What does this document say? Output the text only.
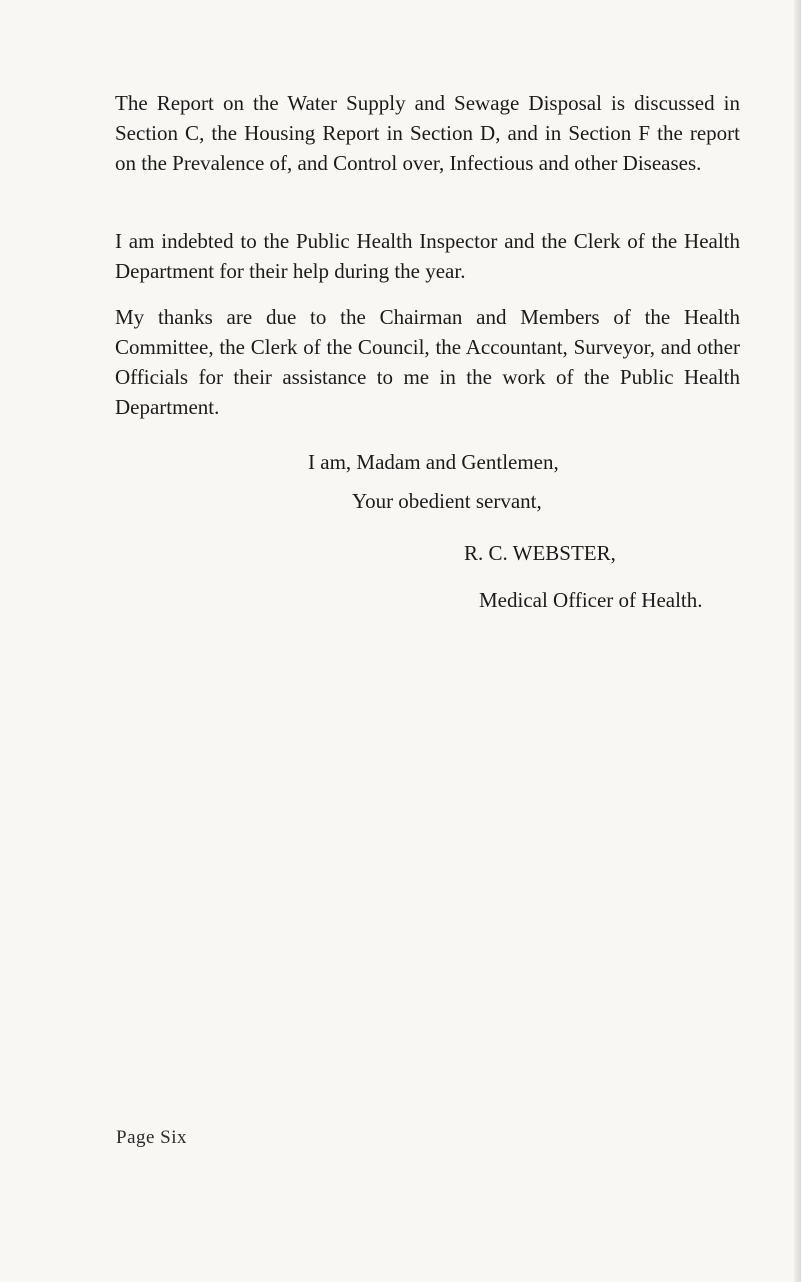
The Report on the Water Supply and Sewage Disposal is discussed in Section C, the Housing Report in Section D, and in Section F the report on the Prevalence of, and Control over, Infectious and other Diseases.

I am indebted to the Public Health Inspector and the Clerk of the Health Department for their help during the year.

My thanks are due to the Chairman and Members of the Health Committee, the Clerk of the Council, the Accountant, Surveyor, and other Officials for their assistance to me in the work of the Public Health Department.

I am, Madam and Gentlemen,

Your obedient servant,

R. C. WEBSTER,

Medical Officer of Health.

Page Six
